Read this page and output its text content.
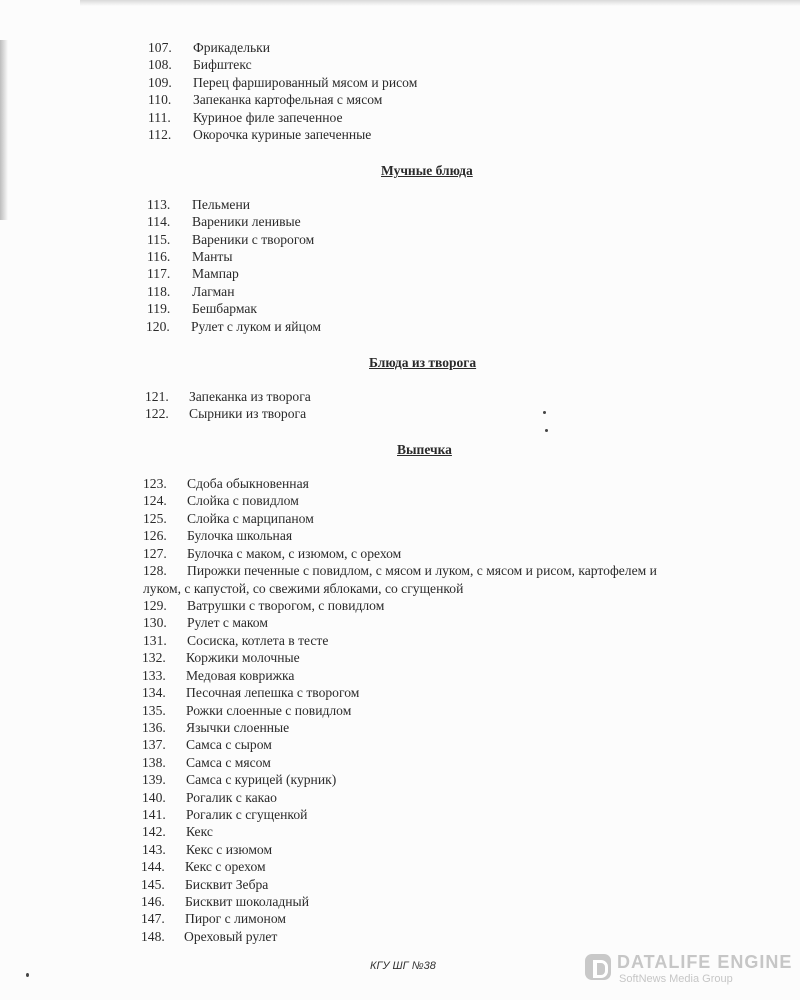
107. Фрикадельки
108. Бифштекс
109. Перец фаршированный мясом и рисом
110. Запеканка картофельная с мясом
111. Куриное филе запеченное
112. Окорочка куриные запеченные
Мучные блюда
113. Пельмени
114. Вареники ленивые
115. Вареники с творогом
116. Манты
117. Мампар
118. Лагман
119. Бешбармак
120. Рулет с луком и яйцом
Блюда из творога
121. Запеканка из творога
122. Сырники из творога
Выпечка
123. Сдоба обыкновенная
124. Слойка с повидлом
125. Слойка с марципаном
126. Булочка школьная
127. Булочка с маком, с изюмом, с орехом
128. Пирожки печенные с повидлом, с мясом и луком, с мясом и рисом, картофелем и
луком, с капустой, со свежими яблоками, со сгущенкой
129. Ватрушки с творогом, с повидлом
130. Рулет с маком
131. Сосиска, котлета в тесте
132. Коржики молочные
133. Медовая коврижка
134. Песочная лепешка с творогом
135. Рожки слоенные с повидлом
136. Язычки слоенные
137. Самса с сыром
138. Самса с мясом
139. Самса с курицей (курник)
140. Рогалик с какао
141. Рогалик с сгущенкой
142. Кекс
143. Кекс с изюмом
144. Кекс с орехом
145. Бисквит Зебра
146. Бисквит шоколадный
147. Пирог с лимоном
148. Ореховый рулет
КГУ ШГ №38	DATALIFE ENGINE
SoftNews Media Group
